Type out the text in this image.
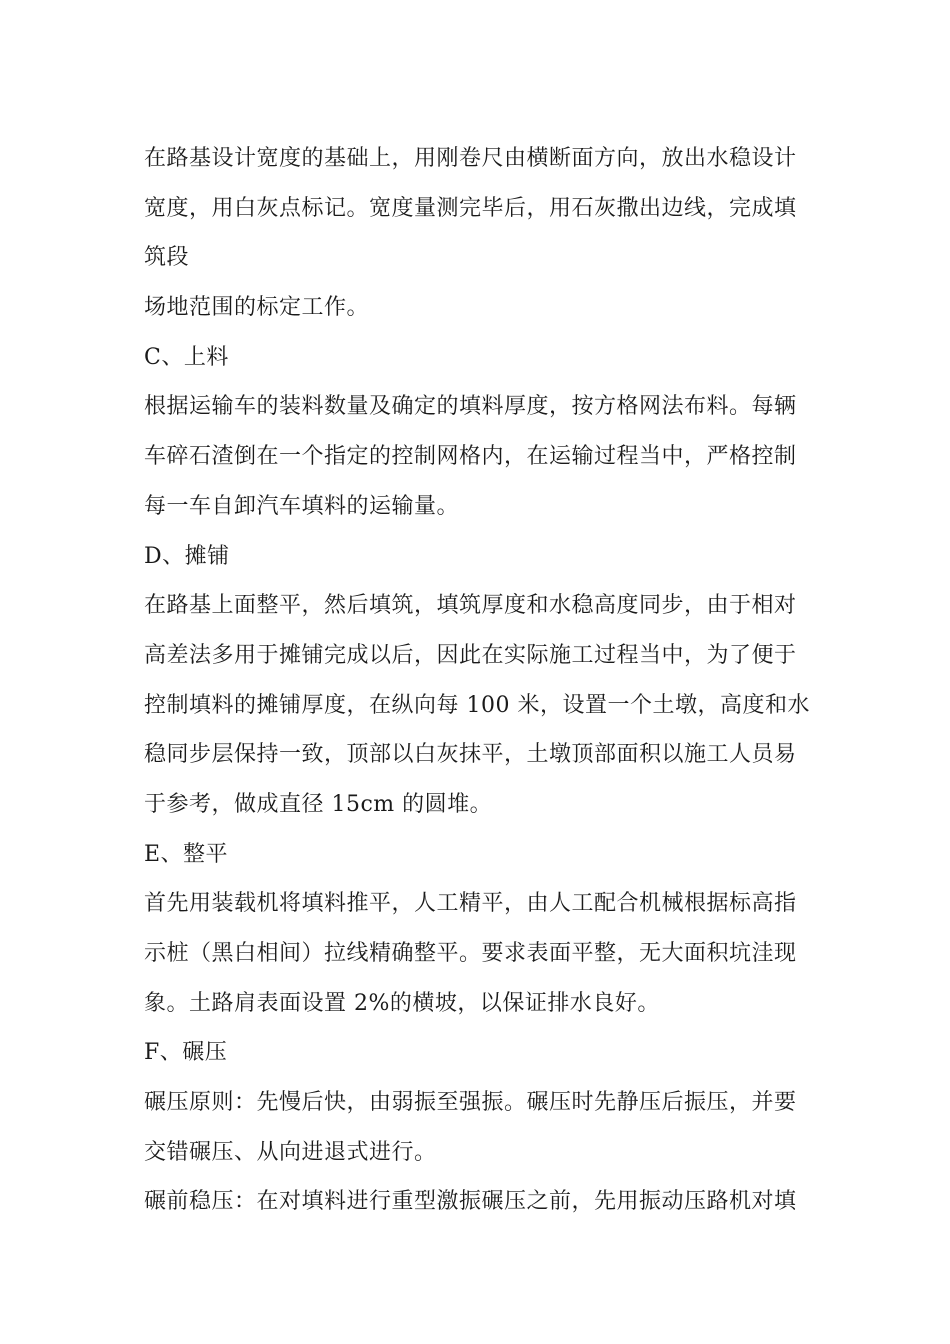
在路基设计宽度的基础上，用刚卷尺由横断面方向，放出水稳设计
宽度，用白灰点标记。宽度量测完毕后，用石灰撒出边线，完成填
筑段
场地范围的标定工作。
C、上料
根据运输车的装料数量及确定的填料厚度，按方格网法布料。每辆
车碎石渣倒在一个指定的控制网格内，在运输过程当中，严格控制
每一车自卸汽车填料的运输量。
D、摊铺
在路基上面整平，然后填筑，填筑厚度和水稳高度同步，由于相对
高差法多用于摊铺完成以后，因此在实际施工过程当中，为了便于
控制填料的摊铺厚度，在纵向每 100 米，设置一个土墩，高度和水
稳同步层保持一致，顶部以白灰抹平，土墩顶部面积以施工人员易
于参考，做成直径 15cm 的圆堆。
E、整平
首先用装载机将填料推平，人工精平，由人工配合机械根据标高指
示桩（黑白相间）拉线精确整平。要求表面平整，无大面积坑洼现
象。土路肩表面设置 2%的横坡，以保证排水良好。
F、碾压
碾压原则：先慢后快，由弱振至强振。碾压时先静压后振压，并要
交错碾压、从向进退式进行。
碾前稳压：在对填料进行重型激振碾压之前，先用振动压路机对填
